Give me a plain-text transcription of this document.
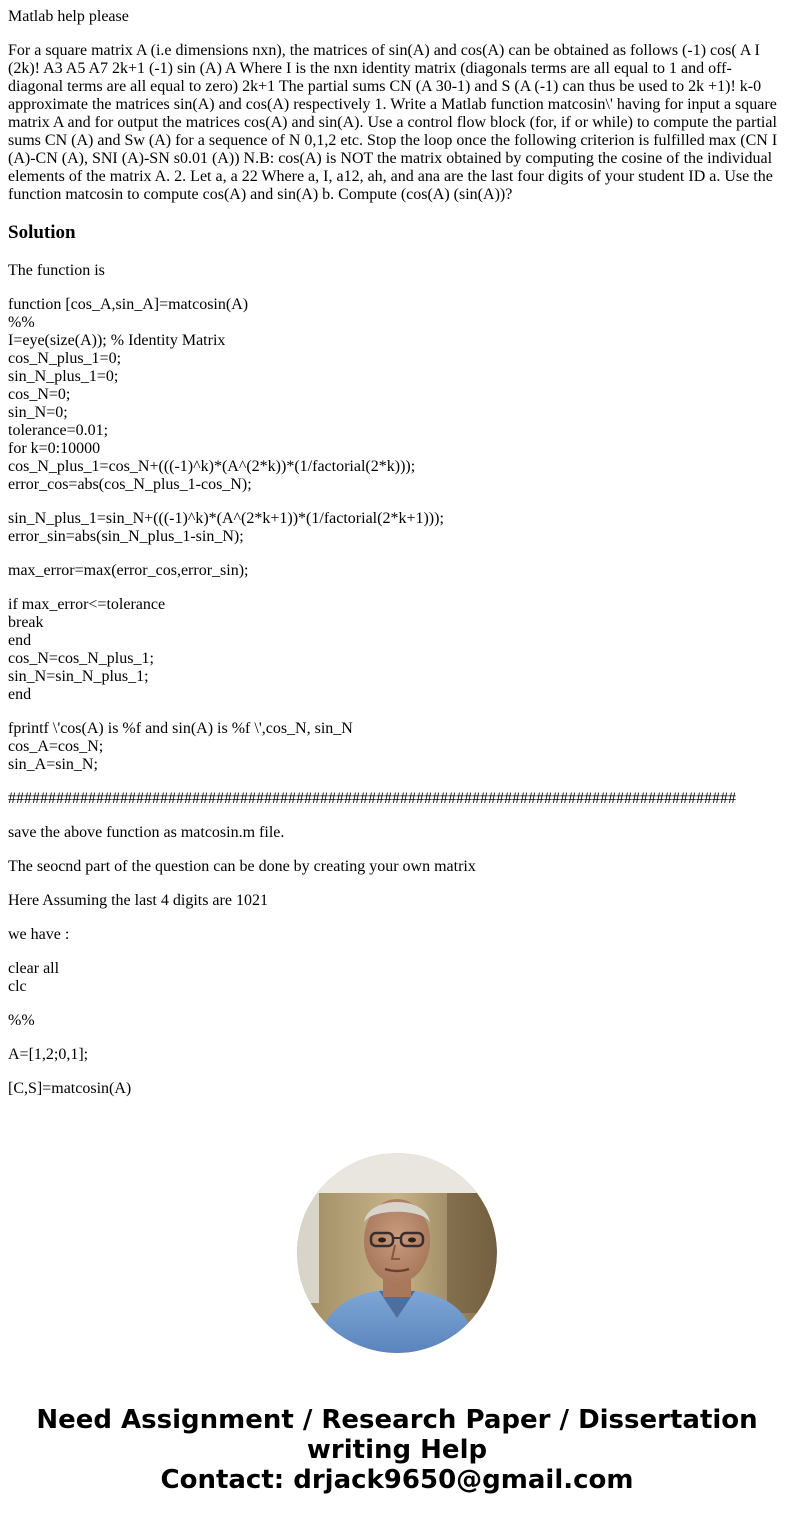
Matlab help please
For a square matrix A (i.e dimensions nxn), the matrices of sin(A) and cos(A) can be obtained as follows (-1) cos( A I (2k)! A3 A5 A7 2k+1 (-1) sin (A) A Where I is the nxn identity matrix (diagonals terms are all equal to 1 and off-diagonal terms are all equal to zero) 2k+1 The partial sums CN (A 30-1) and S (A (-1) can thus be used to 2k +1)! k-0 approximate the matrices sin(A) and cos(A) respectively 1. Write a Matlab function matcosin\' having for input a square matrix A and for output the matrices cos(A) and sin(A). Use a control flow block (for, if or while) to compute the partial sums CN (A) and Sw (A) for a sequence of N 0,1,2 etc. Stop the loop once the following criterion is fulfilled max (CN I (A)-CN (A), SNI (A)-SN s0.01 (A)) N.B: cos(A) is NOT the matrix obtained by computing the cosine of the individual elements of the matrix A. 2. Let a, a 22 Where a, I, a12, ah, and ana are the last four digits of your student ID a. Use the function matcosin to compute cos(A) and sin(A) b. Compute (cos(A) (sin(A))?
Solution
The function is
function [cos_A,sin_A]=matcosin(A)
%%
I=eye(size(A)); % Identity Matrix
cos_N_plus_1=0;
sin_N_plus_1=0;
cos_N=0;
sin_N=0;
tolerance=0.01;
for k=0:10000
cos_N_plus_1=cos_N+(((-1)^k)*(A^(2*k))*(1/factorial(2*k)));
error_cos=abs(cos_N_plus_1-cos_N);
sin_N_plus_1=sin_N+(((-1)^k)*(A^(2*k+1))*(1/factorial(2*k+1)));
error_sin=abs(sin_N_plus_1-sin_N);
max_error=max(error_cos,error_sin);
if max_error<=tolerance
break
end
cos_N=cos_N_plus_1;
sin_N=sin_N_plus_1;
end
fprintf \'cos(A) is %f and sin(A) is %f \',cos_N, sin_N
cos_A=cos_N;
sin_A=sin_N;
###########################################################################################
save the above function as matcosin.m file.
The seocnd part of the question can be done by creating your own matrix
Here Assuming the last 4 digits are 1021
we have :
clear all
clc
%%
A=[1,2;0,1];
[C,S]=matcosin(A)
Need Assignment / Research Paper / Dissertation
writing Help
Contact: drjack9650@gmail.com
